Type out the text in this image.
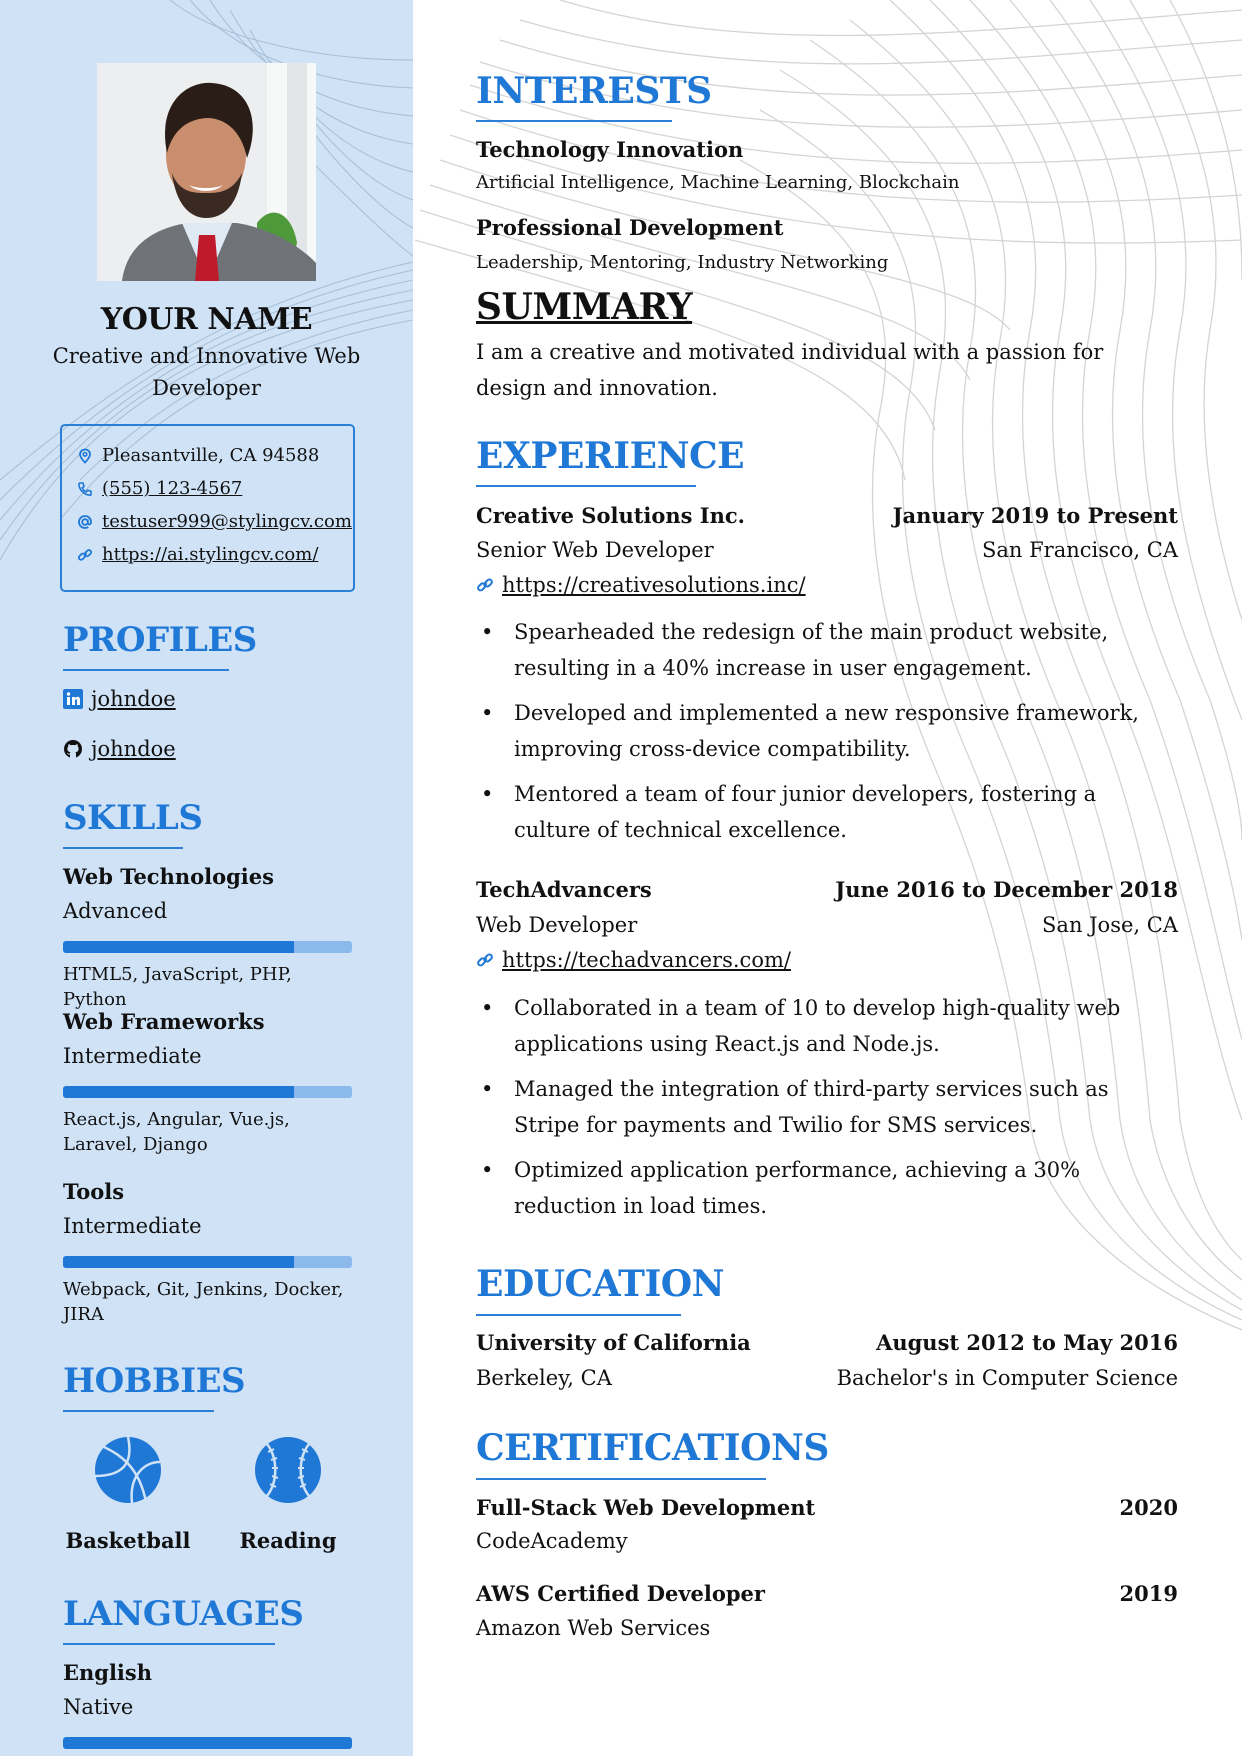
YOUR NAME
Creative and Innovative Web Developer
Pleasantville, CA 94588
(555) 123-4567
testuser999@stylingcv.com
https://ai.stylingcv.com/
PROFILES
johndoe
johndoe
SKILLS
Web Technologies
Advanced
HTML5, JavaScript, PHP, Python
Web Frameworks
Intermediate
React.js, Angular, Vue.js, Laravel, Django
Tools
Intermediate
Webpack, Git, Jenkins, Docker, JIRA
HOBBIES
Basketball	Reading
LANGUAGES
English
Native
INTERESTS
Technology Innovation
Artificial Intelligence, Machine Learning, Blockchain
Professional Development
Leadership, Mentoring, Industry Networking
SUMMARY
I am a creative and motivated individual with a passion for design and innovation.
EXPERIENCE
Creative Solutions Inc.	January 2019 to Present
Senior Web Developer	San Francisco, CA
https://creativesolutions.inc/
• Spearheaded the redesign of the main product website, resulting in a 40% increase in user engagement.
• Developed and implemented a new responsive framework, improving cross-device compatibility.
• Mentored a team of four junior developers, fostering a culture of technical excellence.
TechAdvancers	June 2016 to December 2018
Web Developer	San Jose, CA
https://techadvancers.com/
• Collaborated in a team of 10 to develop high-quality web applications using React.js and Node.js.
• Managed the integration of third-party services such as Stripe for payments and Twilio for SMS services.
• Optimized application performance, achieving a 30% reduction in load times.
EDUCATION
University of California	August 2012 to May 2016
Berkeley, CA	Bachelor's in Computer Science
CERTIFICATIONS
Full-Stack Web Development	2020
CodeAcademy
AWS Certified Developer	2019
Amazon Web Services
